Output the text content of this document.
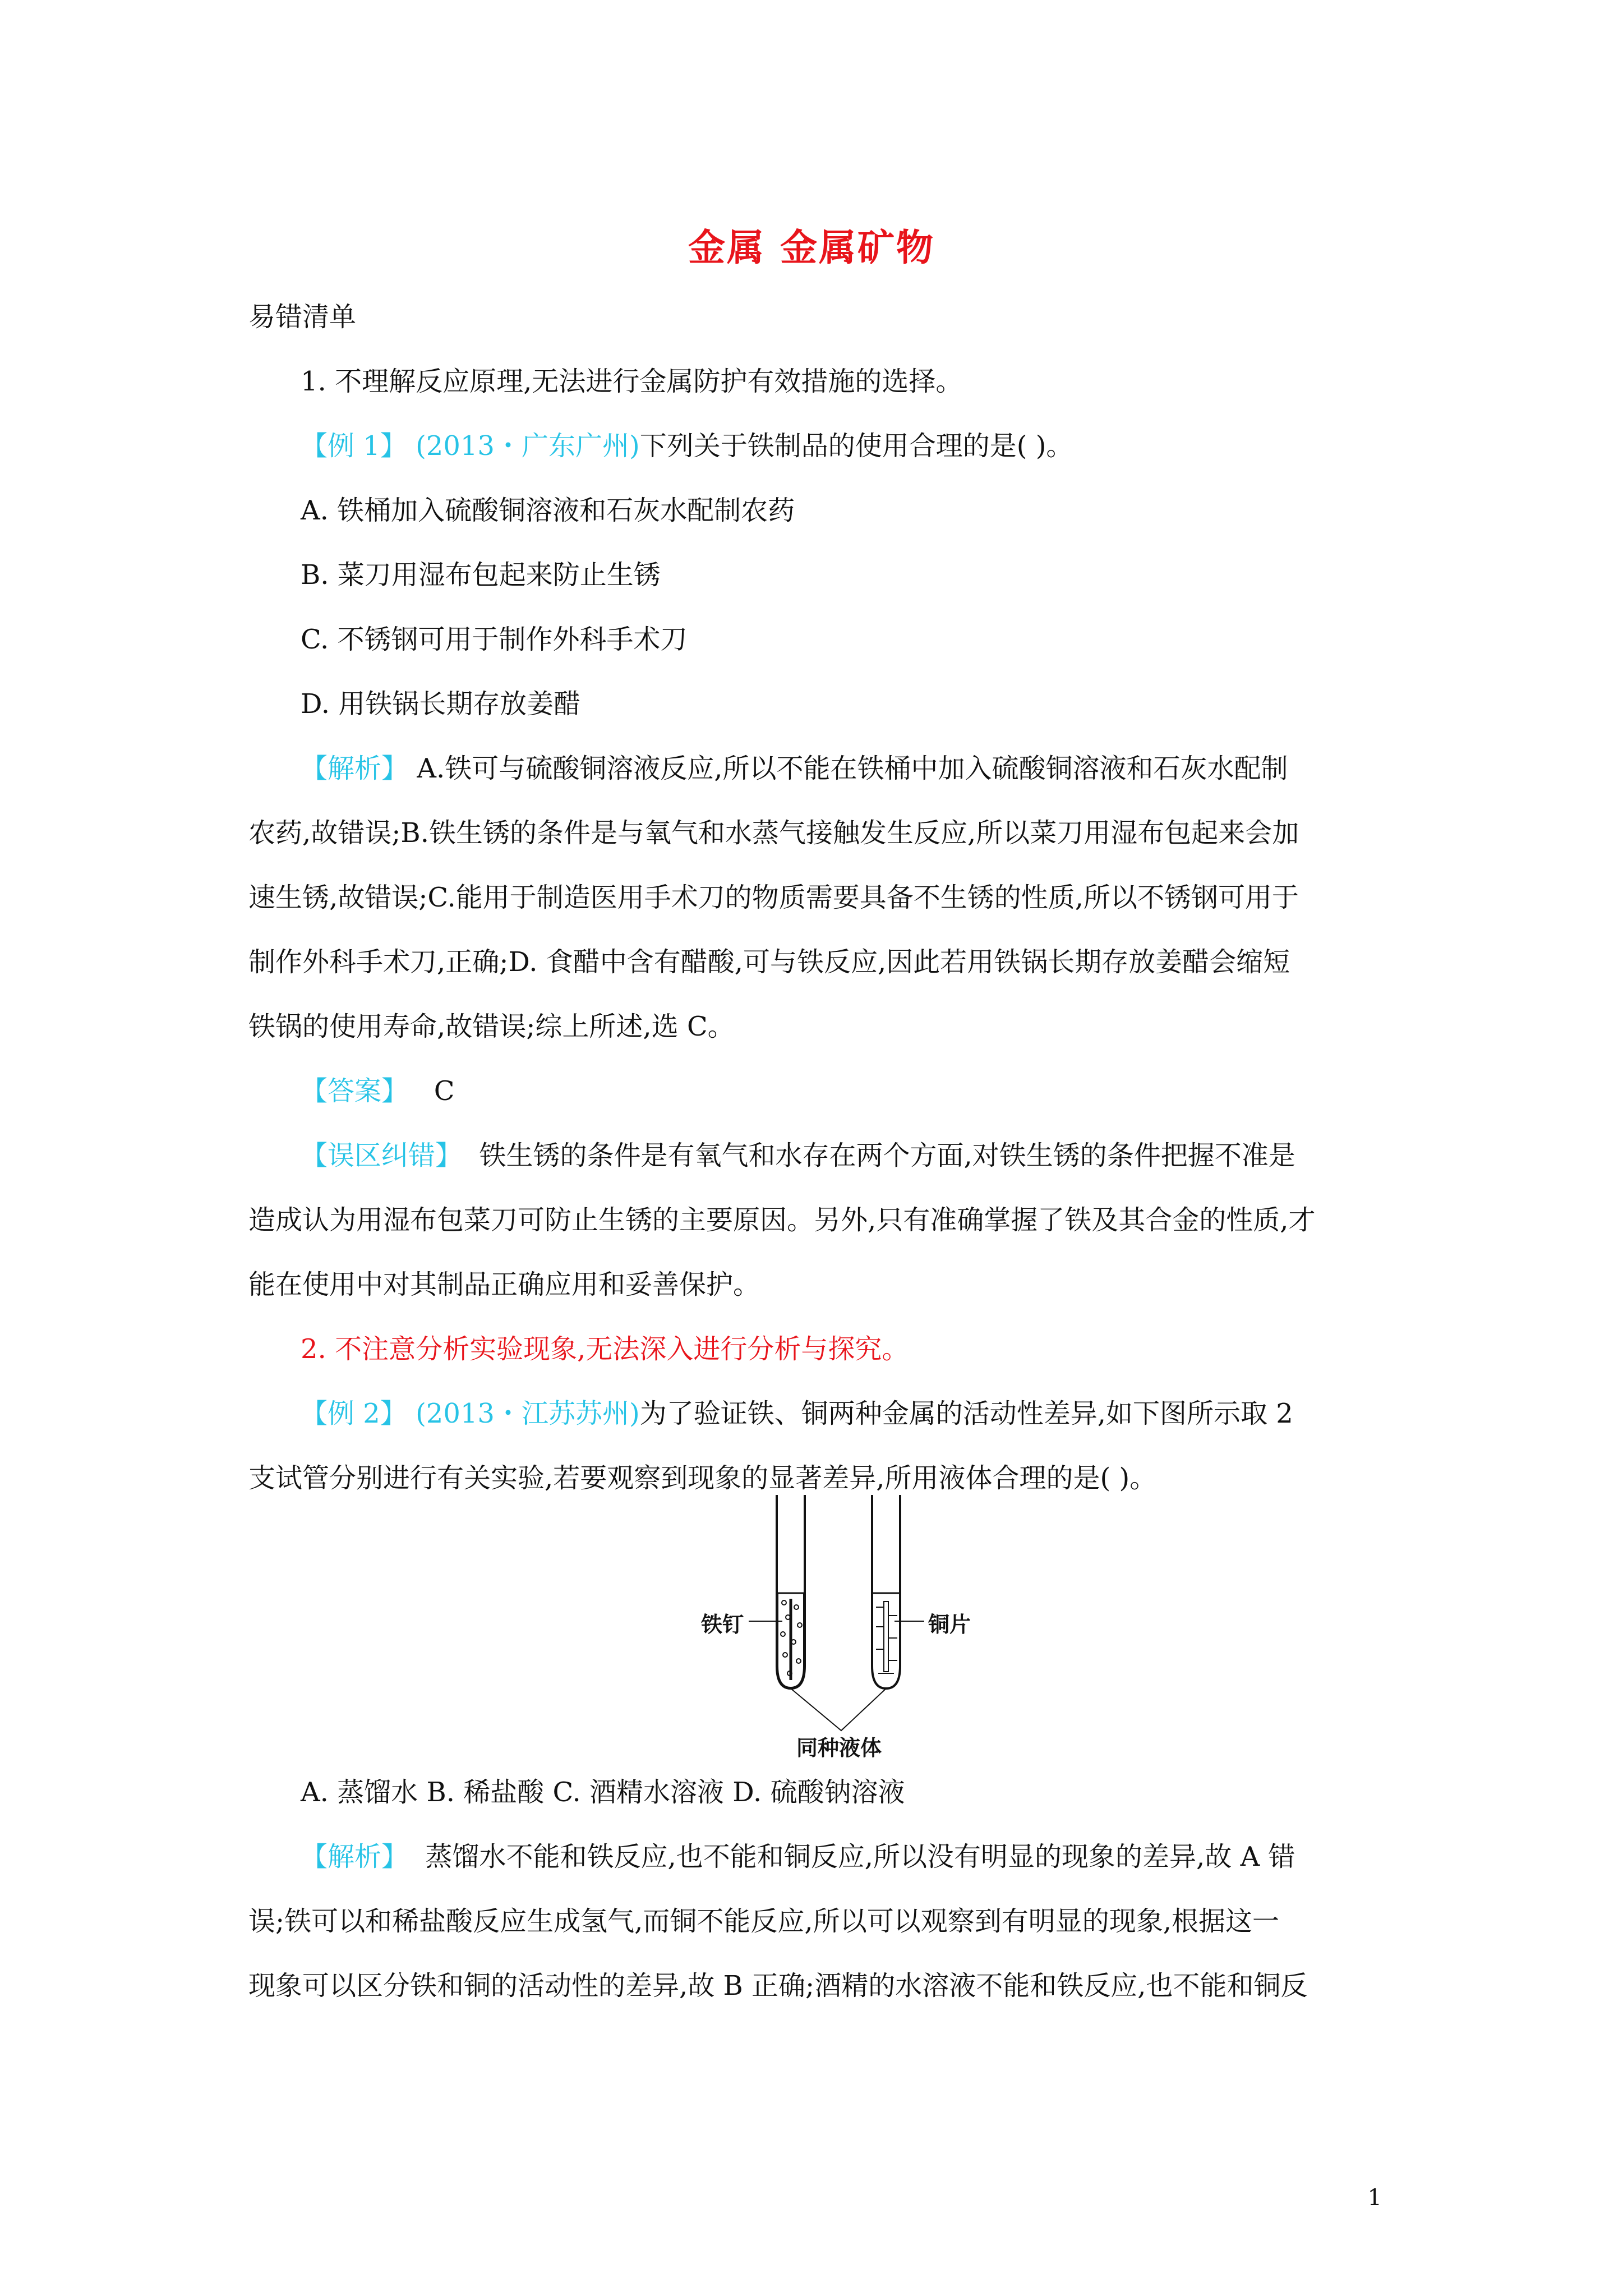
金属 金属矿物
易错清单
1. 不理解反应原理,无法进行金属防护有效措施的选择。
【例 1】 (2013・广东广州)下列关于铁制品的使用合理的是( )。
A. 铁桶加入硫酸铜溶液和石灰水配制农药
B. 菜刀用湿布包起来防止生锈
C. 不锈钢可用于制作外科手术刀
D. 用铁锅长期存放姜醋
【解析】 A.铁可与硫酸铜溶液反应,所以不能在铁桶中加入硫酸铜溶液和石灰水配制
农药,故错误;B.铁生锈的条件是与氧气和水蒸气接触发生反应,所以菜刀用湿布包起来会加
速生锈,故错误;C.能用于制造医用手术刀的物质需要具备不生锈的性质,所以不锈钢可用于
制作外科手术刀,正确;D. 食醋中含有醋酸,可与铁反应,因此若用铁锅长期存放姜醋会缩短
铁锅的使用寿命,故错误;综上所述,选 C。
【答案】 C
【误区纠错】 铁生锈的条件是有氧气和水存在两个方面,对铁生锈的条件把握不准是
造成认为用湿布包菜刀可防止生锈的主要原因。另外,只有准确掌握了铁及其合金的性质,才
能在使用中对其制品正确应用和妥善保护。
2. 不注意分析实验现象,无法深入进行分析与探究。
【例 2】 (2013・江苏苏州)为了验证铁、铜两种金属的活动性差异,如下图所示取 2
支试管分别进行有关实验,若要观察到现象的显著差异,所用液体合理的是( )。
铁钉	铜片
同种液体
A. 蒸馏水 B. 稀盐酸 C. 酒精水溶液 D. 硫酸钠溶液
【解析】 蒸馏水不能和铁反应,也不能和铜反应,所以没有明显的现象的差异,故 A 错
误;铁可以和稀盐酸反应生成氢气,而铜不能反应,所以可以观察到有明显的现象,根据这一
现象可以区分铁和铜的活动性的差异,故 B 正确;酒精的水溶液不能和铁反应,也不能和铜反
1
